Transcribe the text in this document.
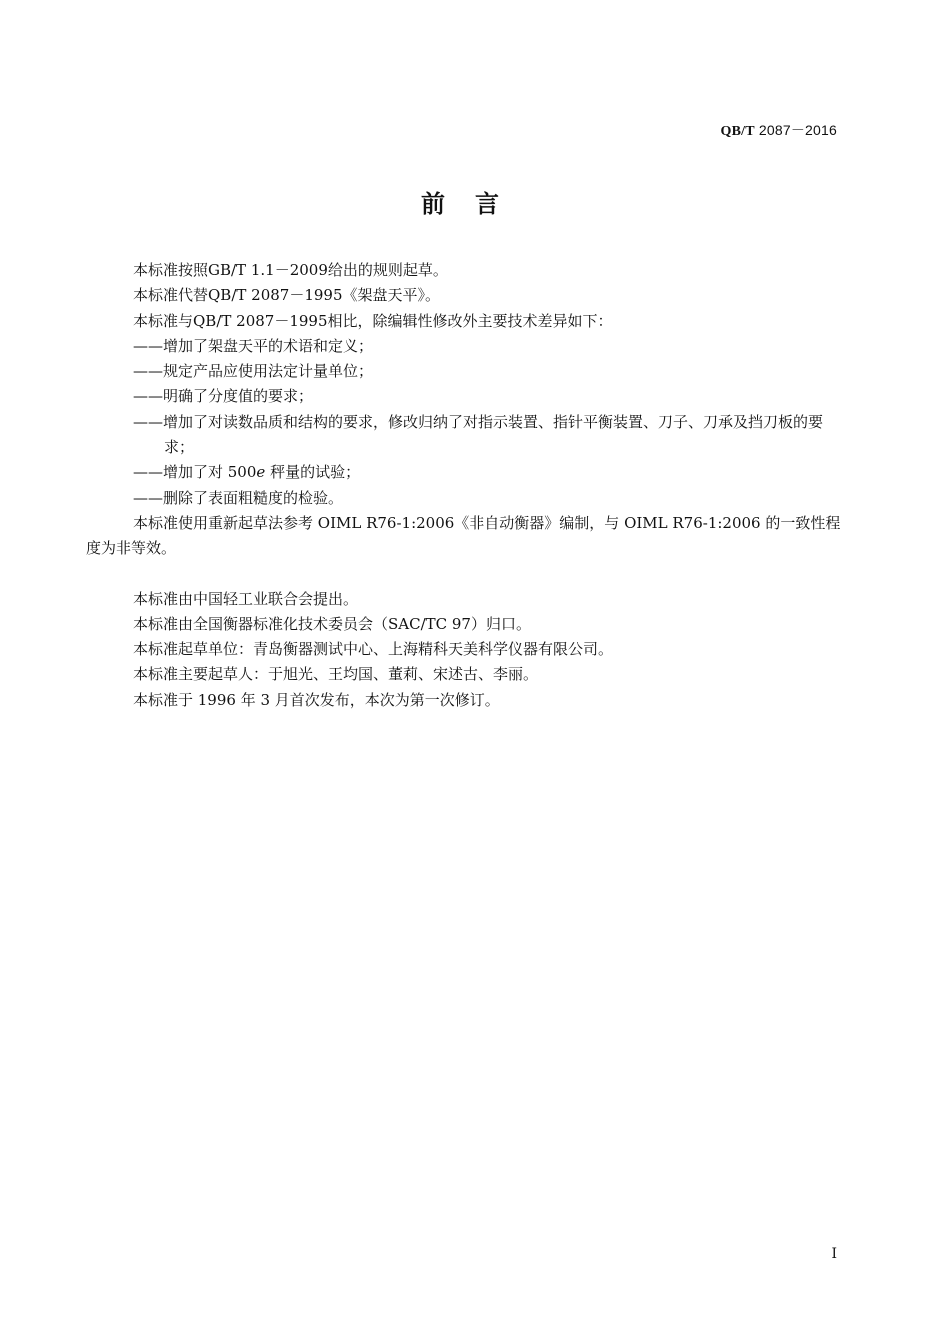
QB/T 2087－2016
前言

本标准按照GB/T 1.1－2009给出的规则起草。

本标准代替QB/T 2087－1995《架盘天平》。

本标准与QB/T 2087－1995相比，除编辑性修改外主要技术差异如下：

——增加了架盘天平的术语和定义；

——规定产品应使用法定计量单位；

——明确了分度值的要求；

——增加了对读数品质和结构的要求，修改归纳了对指示装置、指针平衡装置、刀子、刀承及挡刀板的要求；

——增加了对 500e 秤量的试验；

——删除了表面粗糙度的检验。

本标准使用重新起草法参考 OIML R76-1:2006《非自动衡器》编制，与 OIML R76-1:2006 的一致性程度为非等效。

本标准由中国轻工业联合会提出。

本标准由全国衡器标准化技术委员会（SAC/TC 97）归口。

本标准起草单位：青岛衡器测试中心、上海精科天美科学仪器有限公司。

本标准主要起草人：于旭光、王均国、董莉、宋述古、李丽。

本标准于 1996 年 3 月首次发布，本次为第一次修订。

I
